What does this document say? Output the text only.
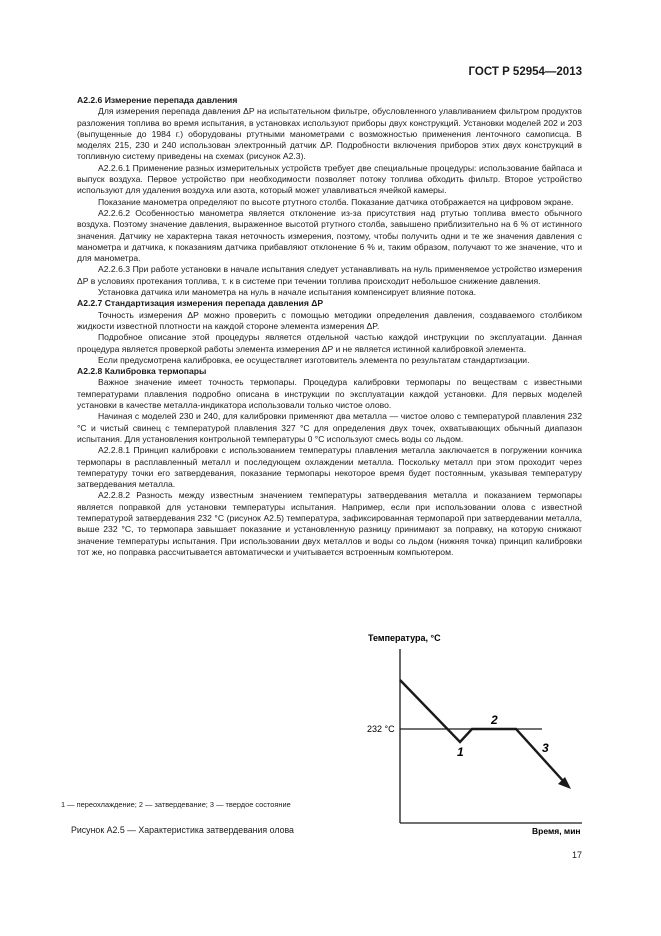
ГОСТ Р 52954—2013
А2.2.6 Измерение перепада давления

Для измерения перепада давления ΔP на испытательном фильтре, обусловленного улавливанием фильтром продуктов разложения топлива во время испытания, в установках используют приборы двух конструкций. Установки моделей 202 и 203 (выпущенные до 1984 г.) оборудованы ртутными манометрами с возможностью применения ленточного самописца. В моделях 215, 230 и 240 использован электронный датчик ΔP. Подробности включения приборов этих двух конструкций в топливную систему приведены на схемах (рисунок А2.3).

А2.2.6.1 Применение разных измерительных устройств требует две специальные процедуры: использование байпаса и выпуск воздуха. Первое устройство при необходимости позволяет потоку топлива обходить фильтр. Второе устройство используют для удаления воздуха или азота, который может улавливаться ячейкой камеры.

Показание манометра определяют по высоте ртутного столба. Показание датчика отображается на цифровом экране.

А2.2.6.2 Особенностью манометра является отклонение из-за присутствия над ртутью топлива вместо обычного воздуха. Поэтому значение давления, выраженное высотой ртутного столба, завышено приблизительно на 6 % от истинного значения. Датчику не характерна такая неточность измерения, поэтому, чтобы получить одни и те же значения давления с манометра и датчика, к показаниям датчика прибавляют отклонение 6 % и, таким образом, получают то же значение, что и для манометра.

А2.2.6.3 При работе установки в начале испытания следует устанавливать на нуль применяемое устройство измерения ΔP в условиях протекания топлива, т. к в системе при течении топлива происходит небольшое снижение давления.

Установка датчика или манометра на нуль в начале испытания компенсирует влияние потока.

А2.2.7 Стандартизация измерения перепада давления ΔP

Точность измерения ΔP можно проверить с помощью методики определения давления, создаваемого столбиком жидкости известной плотности на каждой стороне элемента измерения ΔP.

Подробное описание этой процедуры является отдельной частью каждой инструкции по эксплуатации. Данная процедура является проверкой работы элемента измерения ΔP и не является истинной калибровкой элемента.

Если предусмотрена калибровка, ее осуществляет изготовитель элемента по результатам стандартизации.

А2.2.8 Калибровка термопары

Важное значение имеет точность термопары. Процедура калибровки термопары по веществам с известными температурами плавления подробно описана в инструкции по эксплуатации каждой установки. Для первых моделей установки в качестве металла-индикатора использовали только чистое олово.

Начиная с моделей 230 и 240, для калибровки применяют два металла — чистое олово с температурой плавления 232 °С и чистый свинец с температурой плавления 327 °С для определения двух точек, охватывающих обычный диапазон испытания. Для установления контрольной температуры 0 °С используют смесь воды со льдом.

А2.2.8.1 Принцип калибровки с использованием температуры плавления металла заключается в погружении кончика термопары в расплавленный металл и последующем охлаждении металла. Поскольку металл при этом проходит через температуру точки его затвердевания, показание термопары некоторое время будет постоянным, указывая температуру затвердевания металла.

А2.2.8.2 Разность между известным значением температуры затвердевания металла и показанием термопары является поправкой для установки температуры испытания. Например, если при использовании олова с известной температурой затвердевания 232 °С (рисунок А2.5) температура, зафиксированная термопарой при затвердевании металла, выше 232 °С, то термопара завышает показание и установленную разницу принимают за поправку, на которую снижают значение температуры испытания. При использовании двух металлов и воды со льдом (нижняя точка) принцип калибровки тот же, но поправка рассчитывается автоматически и учитывается встроенным компьютером.

Температура, °С
232 °С
1
2
3
Время, мин
1 — переохлаждение; 2 — затвердевание; 3 — твердое состояние
Рисунок А2.5 — Характеристика затвердевания олова
17
